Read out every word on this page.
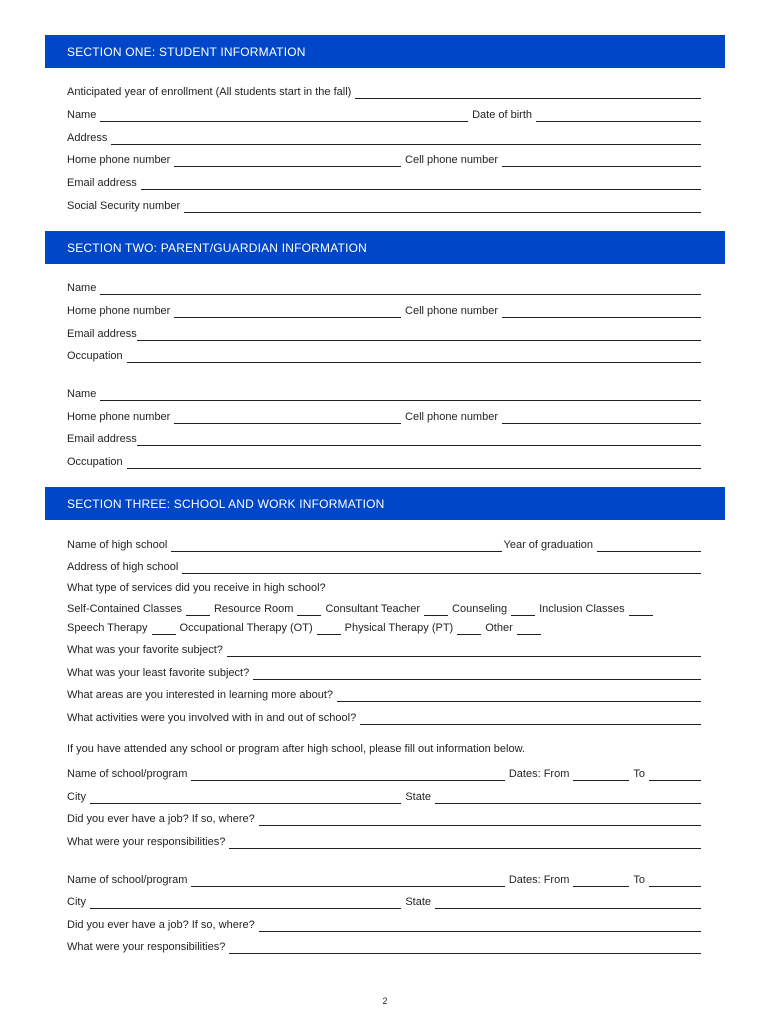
SECTION ONE: STUDENT INFORMATION
Anticipated year of enrollment (All students start in the fall)
Name	Date of birth
Address
Home phone number	Cell phone number
Email address
Social Security number
SECTION TWO: PARENT/GUARDIAN INFORMATION
Name
Home phone number	Cell phone number
Email address
Occupation
Name
Home phone number	Cell phone number
Email address
Occupation
SECTION THREE: SCHOOL AND WORK INFORMATION
Name of high school	Year of graduation
Address of high school
What type of services did you receive in high school?
Self-Contained Classes	Resource Room	Consultant Teacher	Counseling	Inclusion Classes
Speech Therapy	Occupational Therapy (OT)	Physical Therapy (PT)	Other
What was your favorite subject?
What was your least favorite subject?
What areas are you interested in learning more about?
What activities were you involved with in and out of school?
If you have attended any school or program after high school, please fill out information below.
Name of school/program	Dates: From	To
City	State
Did you ever have a job? If so, where?
What were your responsibilities?
Name of school/program	Dates: From	To
City	State
Did you ever have a job? If so, where?
What were your responsibilities?
2
